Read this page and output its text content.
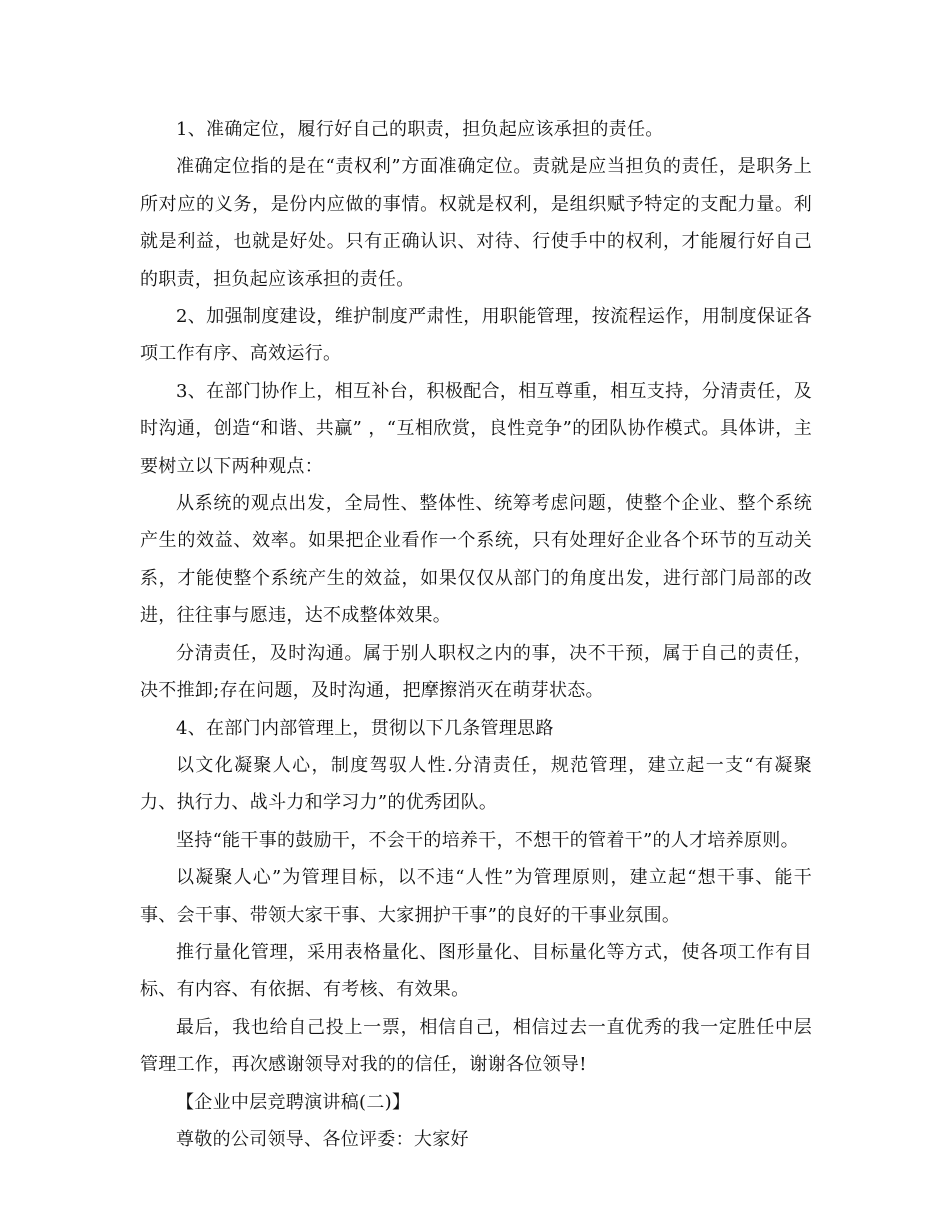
1、准确定位，履行好自己的职责，担负起应该承担的责任。

准确定位指的是在“责权利”方面准确定位。责就是应当担负的责任，是职务上所对应的义务，是份内应做的事情。权就是权利，是组织赋予特定的支配力量。利就是利益，也就是好处。只有正确认识、对待、行使手中的权利，才能履行好自己的职责，担负起应该承担的责任。

2、加强制度建设，维护制度严肃性，用职能管理，按流程运作，用制度保证各项工作有序、高效运行。

3、在部门协作上，相互补台，积极配合，相互尊重，相互支持，分清责任，及时沟通，创造“和谐、共赢” ，“互相欣赏，良性竞争”的团队协作模式。具体讲，主要树立以下两种观点：

从系统的观点出发，全局性、整体性、统筹考虑问题，使整个企业、整个系统产生的效益、效率。如果把企业看作一个系统，只有处理好企业各个环节的互动关系，才能使整个系统产生的效益，如果仅仅从部门的角度出发，进行部门局部的改进，往往事与愿违，达不成整体效果。

分清责任，及时沟通。属于别人职权之内的事，决不干预，属于自己的责任，决不推卸;存在问题，及时沟通，把摩擦消灭在萌芽状态。

4、在部门内部管理上，贯彻以下几条管理思路

以文化凝聚人心，制度驾驭人性.分清责任，规范管理，建立起一支“有凝聚力、执行力、战斗力和学习力”的优秀团队。

坚持“能干事的鼓励干，不会干的培养干，不想干的管着干”的人才培养原则。

以凝聚人心”为管理目标，以不违“人性”为管理原则，建立起“想干事、能干事、会干事、带领大家干事、大家拥护干事”的良好的干事业氛围。

推行量化管理，采用表格量化、图形量化、目标量化等方式，使各项工作有目标、有内容、有依据、有考核、有效果。

最后，我也给自己投上一票，相信自己，相信过去一直优秀的我一定胜任中层管理工作，再次感谢领导对我的的信任，谢谢各位领导!

【企业中层竞聘演讲稿(二)】

尊敬的公司领导、各位评委：大家好
